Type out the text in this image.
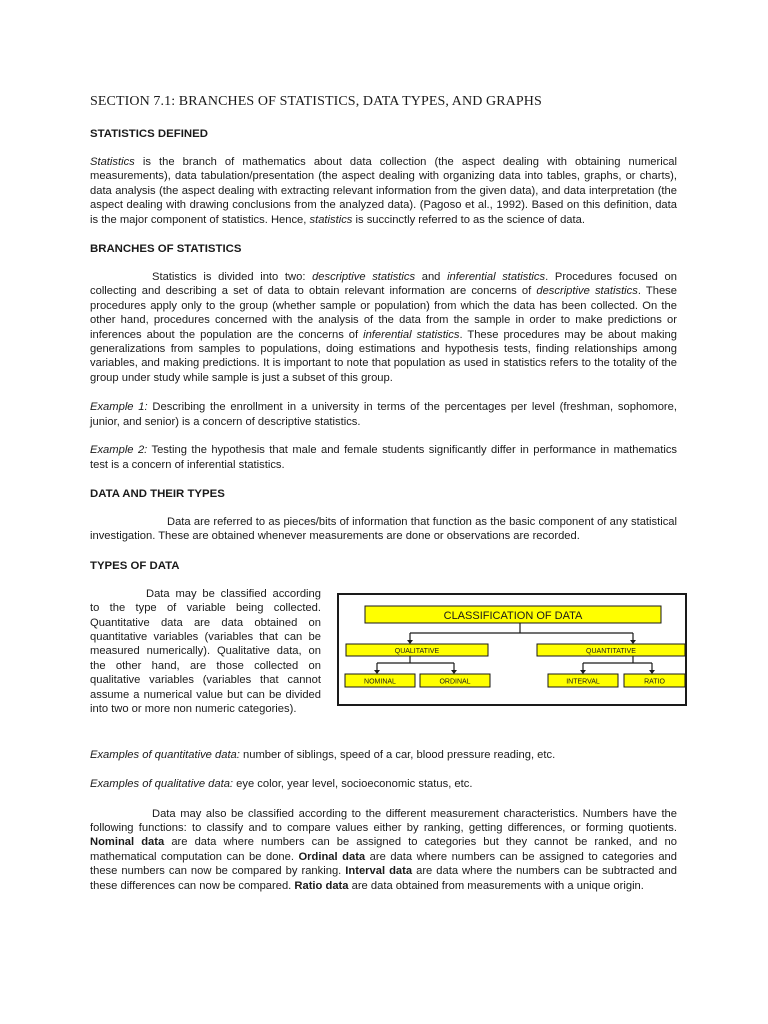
SECTION 7.1: BRANCHES OF STATISTICS, DATA TYPES, AND GRAPHS
STATISTICS DEFINED

Statistics is the branch of mathematics about data collection (the aspect dealing with obtaining numerical measurements), data tabulation/presentation (the aspect dealing with organizing data into tables, graphs, or charts), data analysis (the aspect dealing with extracting relevant information from the given data), and data interpretation (the aspect dealing with drawing conclusions from the analyzed data). (Pagoso et al., 1992). Based on this definition, data is the major component of statistics. Hence, statistics is succinctly referred to as the science of data.

BRANCHES OF STATISTICS

Statistics is divided into two: descriptive statistics and inferential statistics. Procedures focused on collecting and describing a set of data to obtain relevant information are concerns of descriptive statistics. These procedures apply only to the group (whether sample or population) from which the data has been collected. On the other hand, procedures concerned with the analysis of the data from the sample in order to make predictions or inferences about the population are the concerns of inferential statistics. These procedures may be about making generalizations from samples to populations, doing estimations and hypothesis tests, finding relationships among variables, and making predictions. It is important to note that population as used in statistics refers to the totality of the group under study while sample is just a subset of this group.

Example 1: Describing the enrollment in a university in terms of the percentages per level (freshman, sophomore, junior, and senior) is a concern of descriptive statistics.

Example 2: Testing the hypothesis that male and female students significantly differ in performance in mathematics test is a concern of inferential statistics.

DATA AND THEIR TYPES

Data are referred to as pieces/bits of information that function as the basic component of any statistical investigation. These are obtained whenever measurements are done or observations are recorded.

TYPES OF DATA

Data may be classified according to the type of variable being collected. Quantitative data are data obtained on quantitative variables (variables that can be measured numerically). Qualitative data, on the other hand, are those collected on qualitative variables (variables that cannot assume a numerical value but can be divided into two or more non numeric categories).

CLASSIFICATION OF DATA
QUALITATIVE	QUANTITATIVE
NOMINAL	ORDINAL	INTERVAL	RATIO

Examples of quantitative data: number of siblings, speed of a car, blood pressure reading, etc.

Examples of qualitative data: eye color, year level, socioeconomic status, etc.

Data may also be classified according to the different measurement characteristics. Numbers have the following functions: to classify and to compare values either by ranking, getting differences, or forming quotients. Nominal data are data where numbers can be assigned to categories but they cannot be ranked, and no mathematical computation can be done. Ordinal data are data where numbers can be assigned to categories and these numbers can now be compared by ranking. Interval data are data where the numbers can be subtracted and these differences can now be compared. Ratio data are data obtained from measurements with a unique origin.
